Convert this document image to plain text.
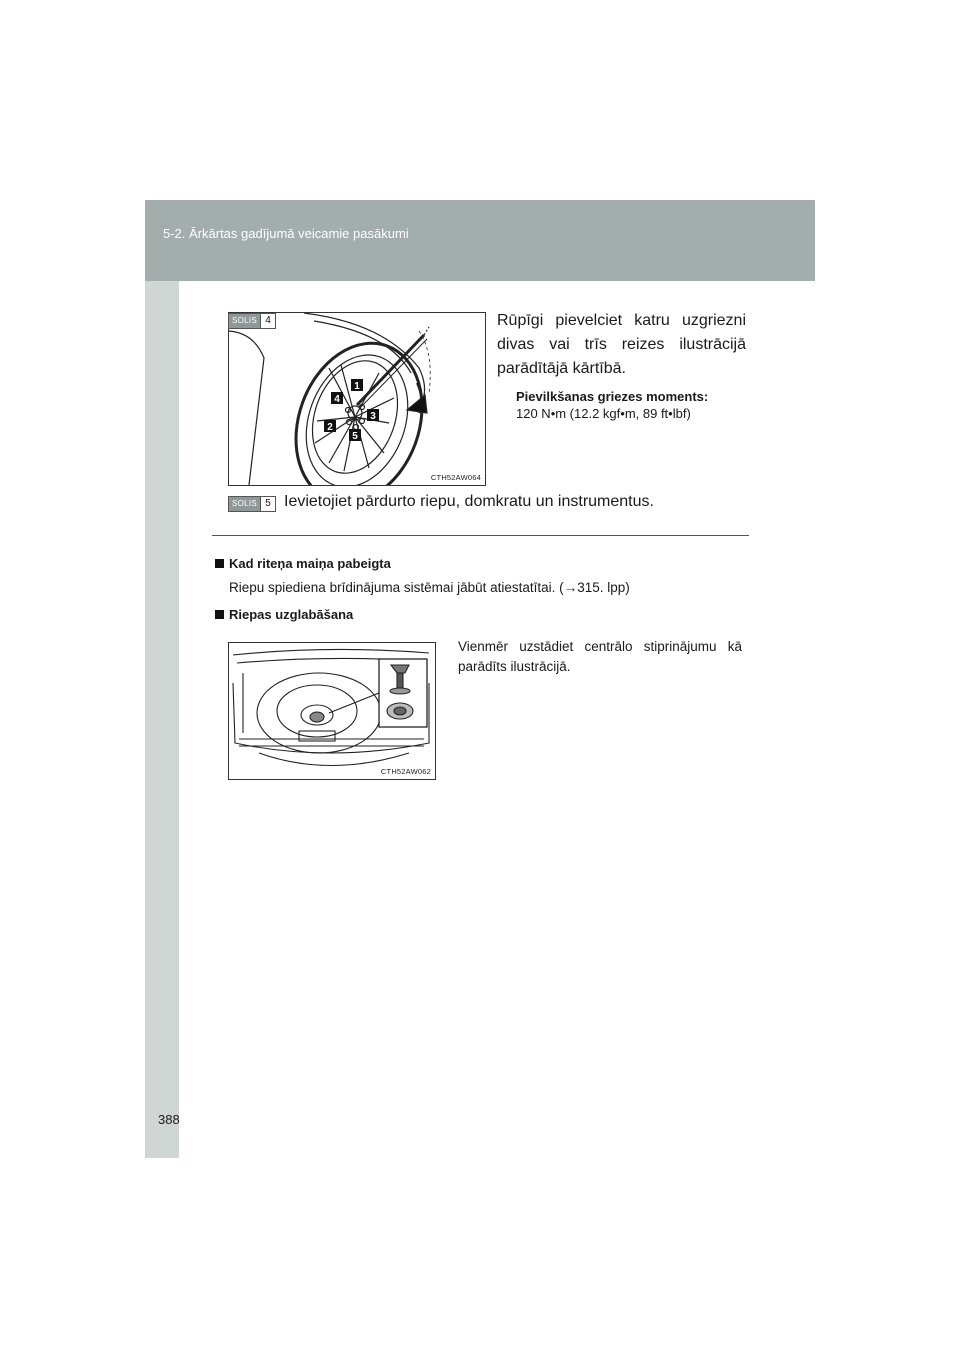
5-2. Ārkārtas gadījumā veicamie pasākumi
1
2
3
4
5
CTH52AW064
SOLIS 4	Rūpīgi pievelciet katru uzgriezni divas vai trīs reizes ilustrācijā parādītājā kārtībā.
Pievilkšanas griezes moments:
120 N•m (12.2 kgf•m, 89 ft•lbf)
SOLIS 5 Ievietojiet pārdurto riepu, domkratu un instrumentus.
Kad riteņa maiņa pabeigta
Riepu spiediena brīdinājuma sistēmai jābūt atiestatītai. (→315. lpp)
Riepas uzglabāšana
CTH52AW062
Vienmēr uzstādiet centrālo stiprinājumu kā parādīts ilustrācijā.
388
